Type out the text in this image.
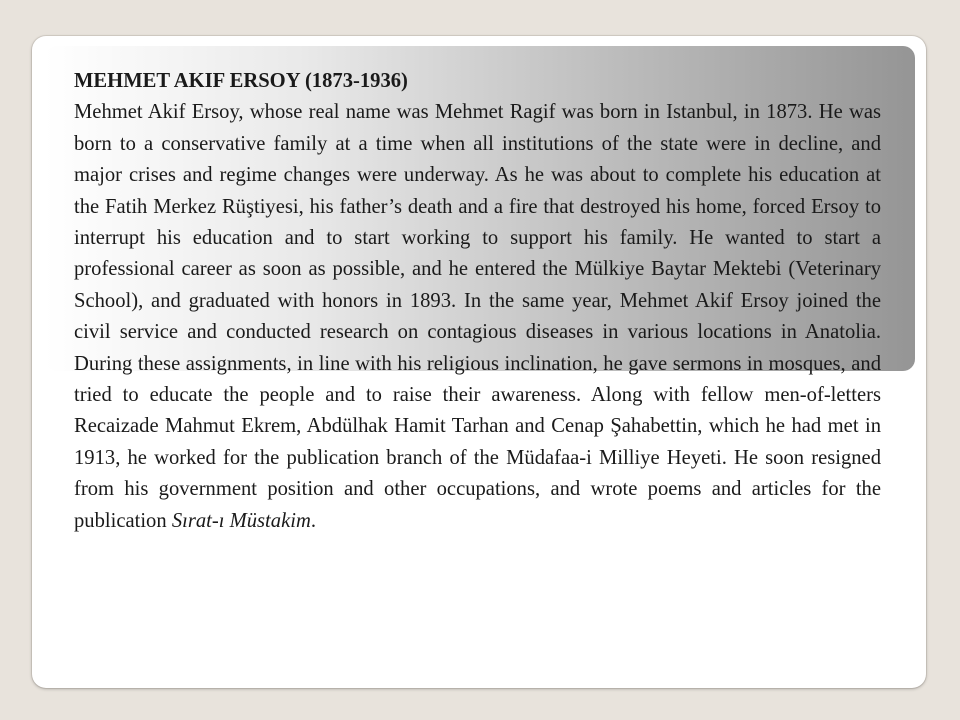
MEHMET AKIF ERSOY (1873-1936)
Mehmet Akif Ersoy, whose real name was Mehmet Ragif was born in Istanbul, in 1873. He was born to a conservative family at a time when all institutions of the state were in decline, and major crises and regime changes were underway. As he was about to complete his education at the Fatih Merkez Rüştiyesi, his father’s death and a fire that destroyed his home, forced Ersoy to interrupt his education and to start working to support his family. He wanted to start a professional career as soon as possible, and he entered the Mülkiye Baytar Mektebi (Veterinary School), and graduated with honors in 1893. In the same year, Mehmet Akif Ersoy joined the civil service and conducted research on contagious diseases in various locations in Anatolia. During these assignments, in line with his religious inclination, he gave sermons in mosques, and tried to educate the people and to raise their awareness. Along with fellow men-of-letters Recaizade Mahmut Ekrem, Abdülhak Hamit Tarhan and Cenap Şahabettin, which he had met in 1913, he worked for the publication branch of the Müdafaa-i Milliye Heyeti. He soon resigned from his government position and other occupations, and wrote poems and articles for the publication Sırat-ı Müstakim.
